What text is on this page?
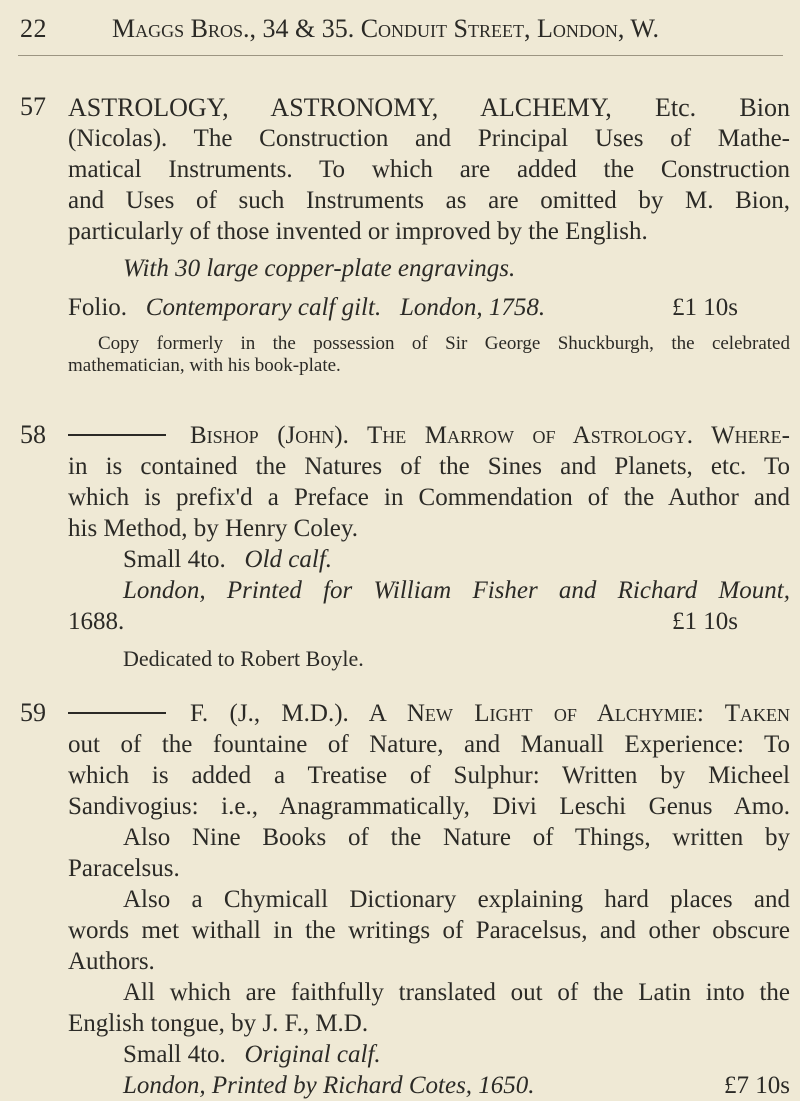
22	Maggs Bros., 34 & 35. Conduit Street, London, W.
57 ASTROLOGY, ASTRONOMY, ALCHEMY, Etc. Bion
(Nicolas). The Construction and Principal Uses of Mathe-
matical Instruments. To which are added the Construction
and Uses of such Instruments as are omitted by M. Bion,
particularly of those invented or improved by the English.
With 30 large copper-plate engravings.
Folio. Contemporary calf gilt. London, 1758.	£1 10s
Copy formerly in the possession of Sir George Shuckburgh, the celebrated
mathematician, with his book-plate.
58	Bishop (John). The Marrow of Astrology. Where-
in is contained the Natures of the Sines and Planets, etc. To
which is prefix'd a Preface in Commendation of the Author and
his Method, by Henry Coley.
Small 4to. Old calf.
London, Printed for William Fisher and Richard Mount,
1688.	£1 10s
Dedicated to Robert Boyle.
59	F. (J., M.D.). A New Light of Alchymie: Taken
out of the fountaine of Nature, and Manuall Experience: To
which is added a Treatise of Sulphur: Written by Micheel
Sandivogius: i.e., Anagrammatically, Divi Leschi Genus Amo.
Also Nine Books of the Nature of Things, written by
Paracelsus.
Also a Chymicall Dictionary explaining hard places and
words met withall in the writings of Paracelsus, and other obscure
Authors.
All which are faithfully translated out of the Latin into the
English tongue, by J. F., M.D.
Small 4to. Original calf.
London, Printed by Richard Cotes, 1650.	£7 10s
